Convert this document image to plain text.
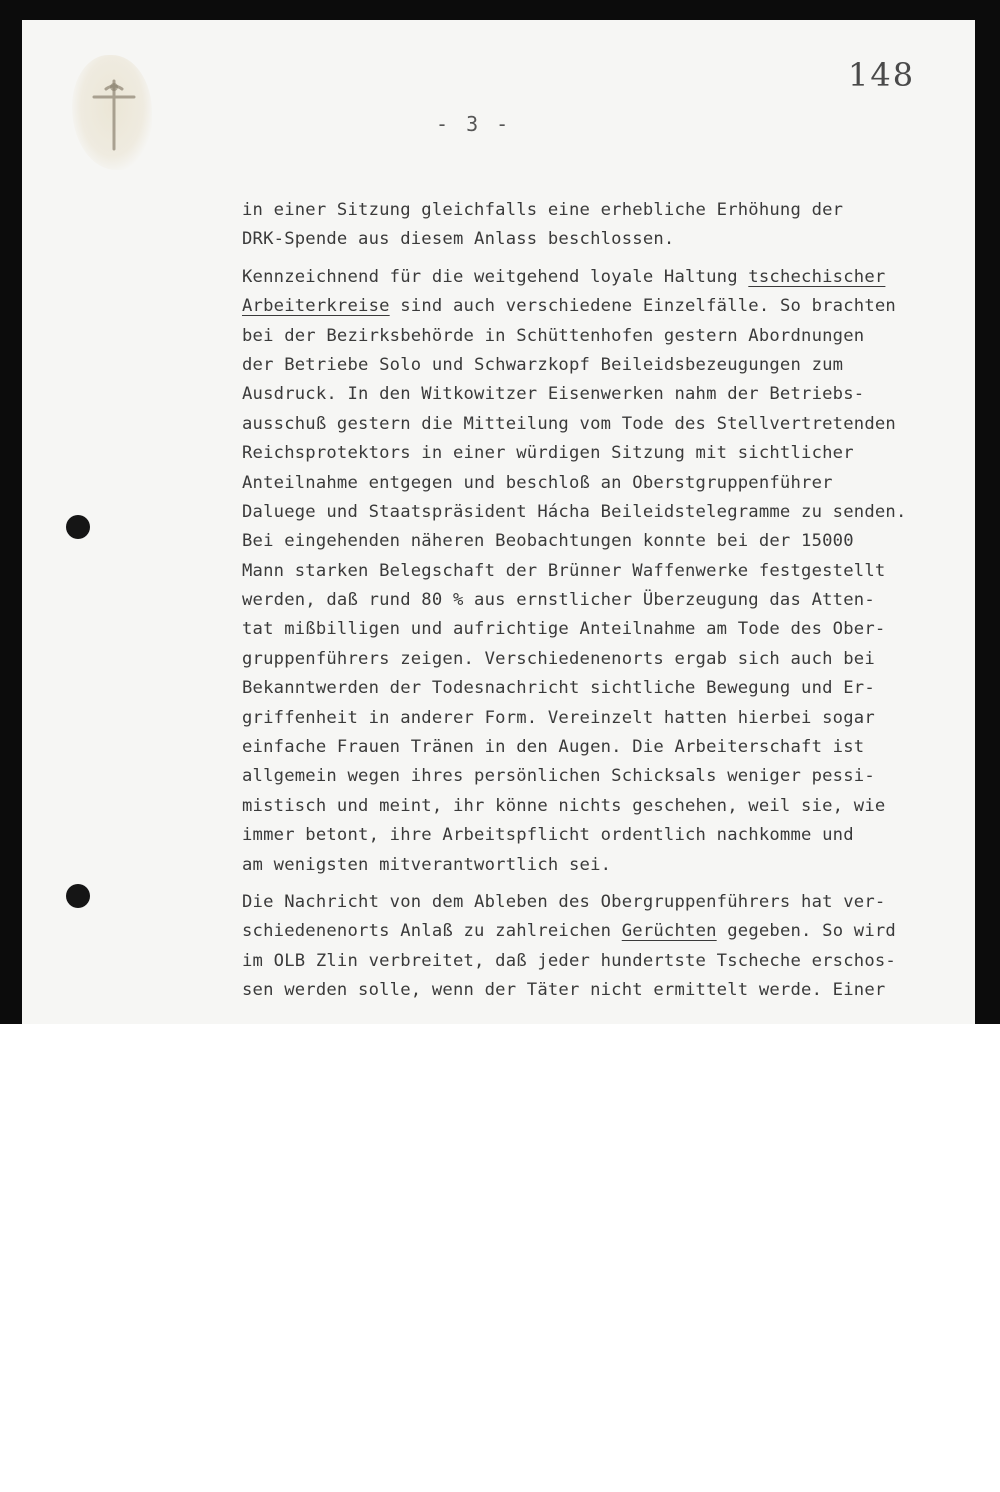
148
- 3 -
in einer Sitzung gleichfalls eine erhebliche Erhöhung der
DRK-Spende aus diesem Anlass beschlossen.
Kennzeichnend für die weitgehend loyale Haltung tschechischer
Arbeiterkreise sind auch verschiedene Einzelfälle. So brachten
bei der Bezirksbehörde in Schüttenhofen gestern Abordnungen
der Betriebe Solo und Schwarzkopf Beileidsbezeugungen zum
Ausdruck. In den Witkowitzer Eisenwerken nahm der Betriebs-
ausschuß gestern die Mitteilung vom Tode des Stellvertretenden
Reichsprotektors in einer würdigen Sitzung mit sichtlicher
Anteilnahme entgegen und beschloß an Oberstgruppenführer
Daluege und Staatspräsident Hácha Beileidstelegramme zu senden.
Bei eingehenden näheren Beobachtungen konnte bei der 15000
Mann starken Belegschaft der Brünner Waffenwerke festgestellt
werden, daß rund 80 % aus ernstlicher Überzeugung das Atten-
tat mißbilligen und aufrichtige Anteilnahme am Tode des Ober-
gruppenführers zeigen. Verschiedenenorts ergab sich auch bei
Bekanntwerden der Todesnachricht sichtliche Bewegung und Er-
griffenheit in anderer Form. Vereinzelt hatten hierbei sogar
einfache Frauen Tränen in den Augen. Die Arbeiterschaft ist
allgemein wegen ihres persönlichen Schicksals weniger pessi-
mistisch und meint, ihr könne nichts geschehen, weil sie, wie
immer betont, ihre Arbeitspflicht ordentlich nachkomme und
am wenigsten mitverantwortlich sei.
Die Nachricht von dem Ableben des Obergruppenführers hat ver-
schiedenenorts Anlaß zu zahlreichen Gerüchten gegeben. So wird
im OLB Zlin verbreitet, daß jeder hundertste Tscheche erschos-
sen werden solle, wenn der Täter nicht ermittelt werde. Einer
